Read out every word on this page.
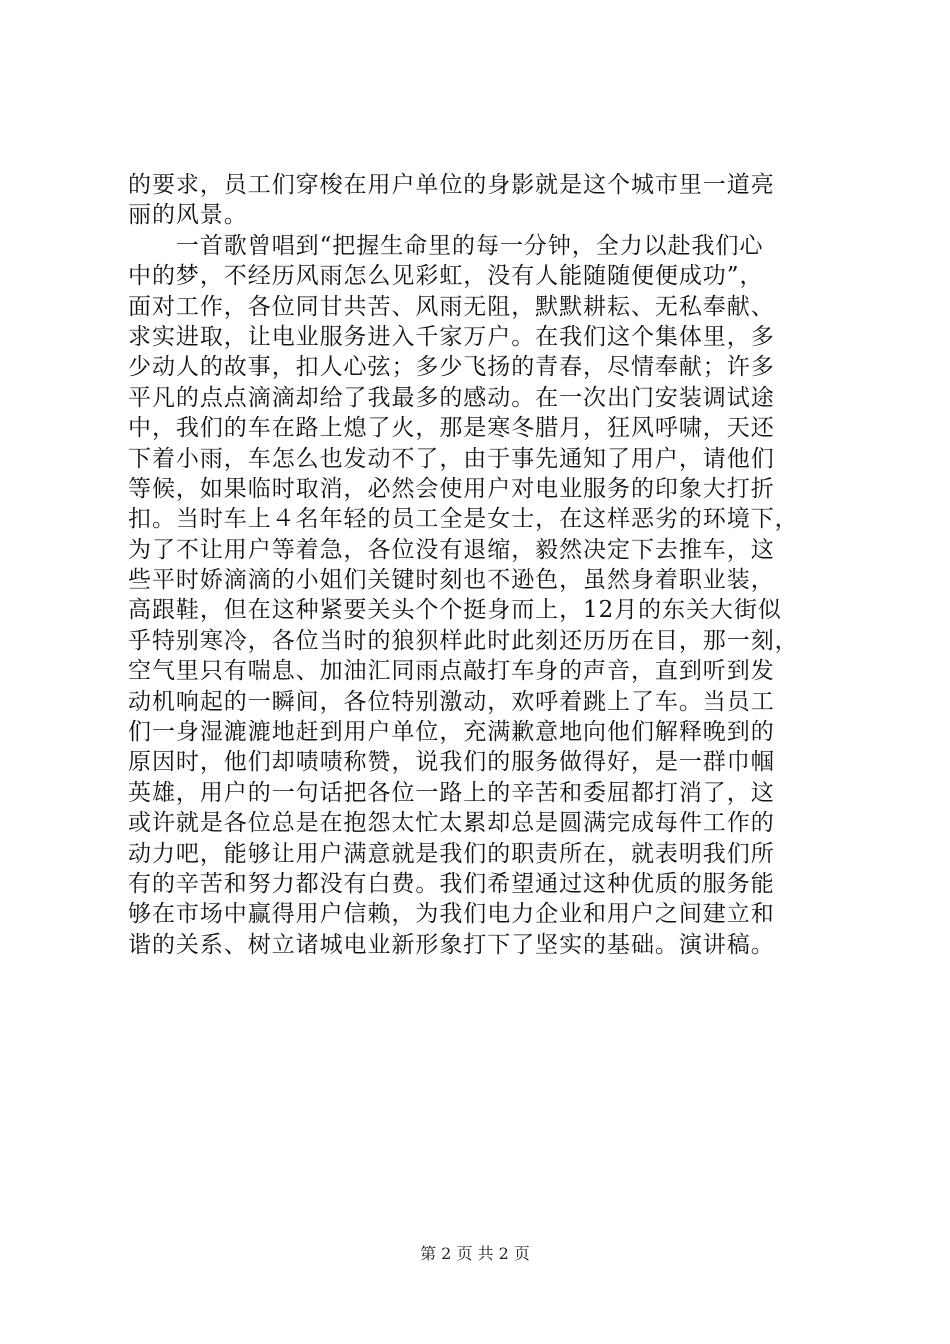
的要求，员工们穿梭在用户单位的身影就是这个城市里一道亮
丽的风景。
　　一首歌曾唱到“把握生命里的每一分钟，全力以赴我们心
中的梦，不经历风雨怎么见彩虹，没有人能随随便便成功”，
面对工作，各位同甘共苦、风雨无阻，默默耕耘、无私奉献、
求实进取，让电业服务进入千家万户。在我们这个集体里，多
少动人的故事，扣人心弦；多少飞扬的青春，尽情奉献；许多
平凡的点点滴滴却给了我最多的感动。在一次出门安装调试途
中，我们的车在路上熄了火，那是寒冬腊月，狂风呼啸，天还
下着小雨，车怎么也发动不了，由于事先通知了用户，请他们
等候，如果临时取消，必然会使用户对电业服务的印象大打折
扣。当时车上４名年轻的员工全是女士，在这样恶劣的环境下，
为了不让用户等着急，各位没有退缩，毅然决定下去推车，这
些平时娇滴滴的小姐们关键时刻也不逊色，虽然身着职业装，
高跟鞋，但在这种紧要关头个个挺身而上，12月的东关大街似
乎特别寒冷，各位当时的狼狈样此时此刻还历历在目，那一刻，
空气里只有喘息、加油汇同雨点敲打车身的声音，直到听到发
动机响起的一瞬间，各位特别激动，欢呼着跳上了车。当员工
们一身湿漉漉地赶到用户单位，充满歉意地向他们解释晚到的
原因时，他们却啧啧称赞，说我们的服务做得好，是一群巾帼
英雄，用户的一句话把各位一路上的辛苦和委屈都打消了，这
或许就是各位总是在抱怨太忙太累却总是圆满完成每件工作的
动力吧，能够让用户满意就是我们的职责所在，就表明我们所
有的辛苦和努力都没有白费。我们希望通过这种优质的服务能
够在市场中赢得用户信赖，为我们电力企业和用户之间建立和
谐的关系、树立诸城电业新形象打下了坚实的基础。演讲稿。
第 2 页 共 2 页
